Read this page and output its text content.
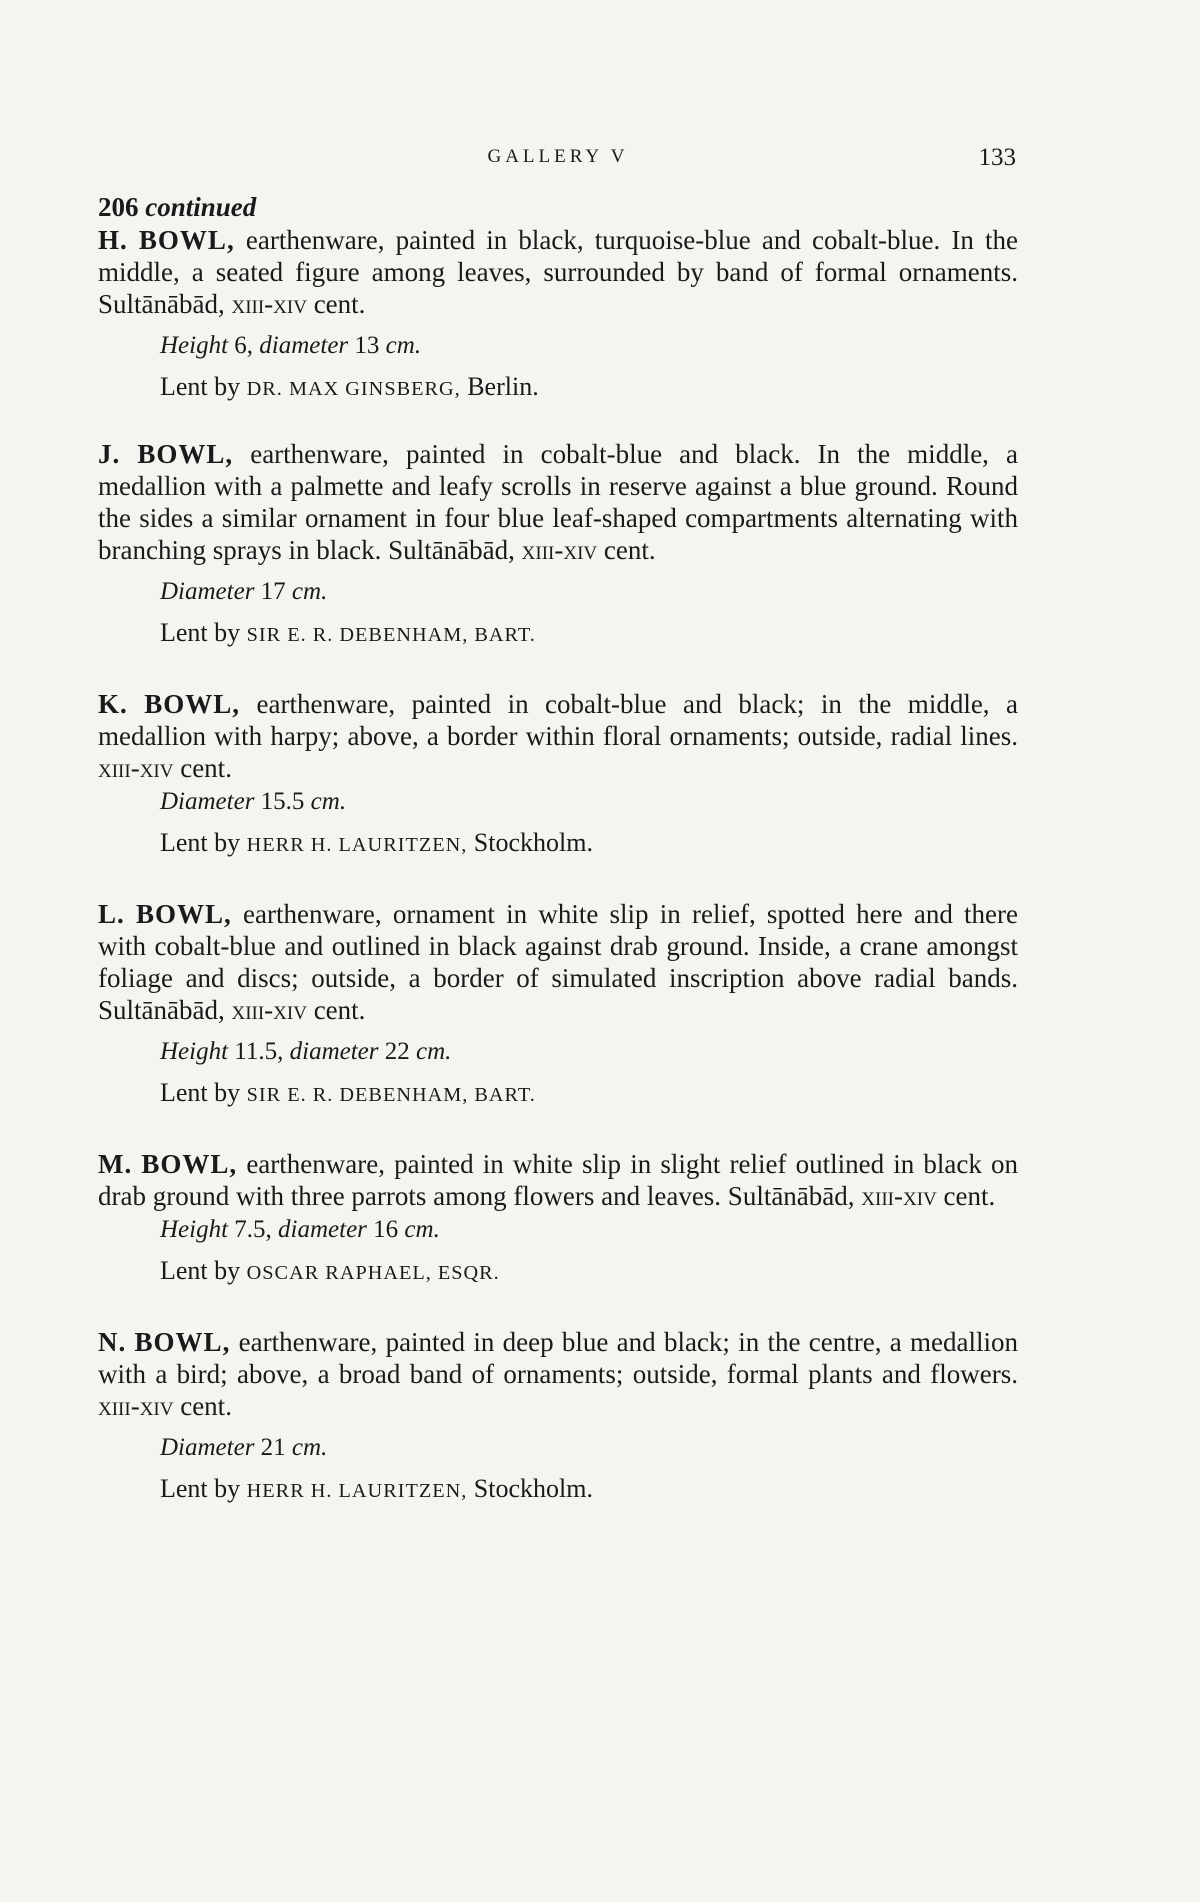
GALLERY V	133
206 continued
H. BOWL, earthenware, painted in black, turquoise-blue and cobalt-blue. In the middle, a seated figure among leaves, surrounded by band of formal ornaments. Sultānābād, xiii-xiv cent.
Height 6, diameter 13 cm.
Lent by DR. MAX GINSBERG, Berlin.
J. BOWL, earthenware, painted in cobalt-blue and black. In the middle, a medallion with a palmette and leafy scrolls in reserve against a blue ground. Round the sides a similar ornament in four blue leaf-shaped compartments alternating with branching sprays in black. Sultānābād, xiii-xiv cent.
Diameter 17 cm.
Lent by SIR E. R. DEBENHAM, BART.
K. BOWL, earthenware, painted in cobalt-blue and black; in the middle, a medallion with harpy; above, a border within floral ornaments; outside, radial lines. xiii-xiv cent.
Diameter 15.5 cm.
Lent by HERR H. LAURITZEN, Stockholm.
L. BOWL, earthenware, ornament in white slip in relief, spotted here and there with cobalt-blue and outlined in black against drab ground. Inside, a crane amongst foliage and discs; outside, a border of simulated inscription above radial bands. Sultānābād, xiii-xiv cent.
Height 11.5, diameter 22 cm.
Lent by SIR E. R. DEBENHAM, BART.
M. BOWL, earthenware, painted in white slip in slight relief outlined in black on drab ground with three parrots among flowers and leaves. Sultānābād, xiii-xiv cent.
Height 7.5, diameter 16 cm.
Lent by OSCAR RAPHAEL, ESQR.
N. BOWL, earthenware, painted in deep blue and black; in the centre, a medallion with a bird; above, a broad band of ornaments; outside, formal plants and flowers. xiii-xiv cent.
Diameter 21 cm.
Lent by HERR H. LAURITZEN, Stockholm.
